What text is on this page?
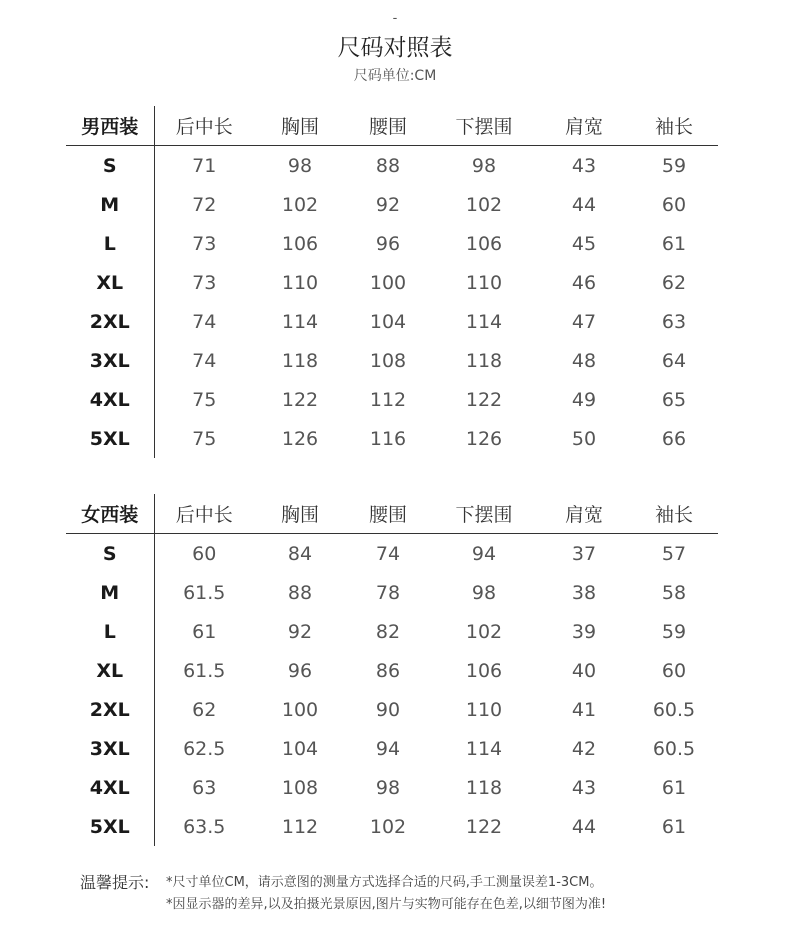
-
尺码对照表
尺码单位:CM
男西装	后中长	胸围	腰围	下摆围	肩宽	袖长
S	71	98	88	98	43	59
M	72	102	92	102	44	60
L	73	106	96	106	45	61
XL	73	110	100	110	46	62
2XL	74	114	104	114	47	63
3XL	74	118	108	118	48	64
4XL	75	122	112	122	49	65
5XL	75	126	116	126	50	66
女西装	后中长	胸围	腰围	下摆围	肩宽	袖长
S	60	84	74	94	37	57
M	61.5	88	78	98	38	58
L	61	92	82	102	39	59
XL	61.5	96	86	106	40	60
2XL	62	100	90	110	41	60.5
3XL	62.5	104	94	114	42	60.5
4XL	63	108	98	118	43	61
5XL	63.5	112	102	122	44	61
温馨提示: *尺寸单位CM，请示意图的测量方式选择合适的尺码,手工测量误差1-3CM。
*因显示器的差异,以及拍摄光景原因,图片与实物可能存在色差,以细节图为准!
